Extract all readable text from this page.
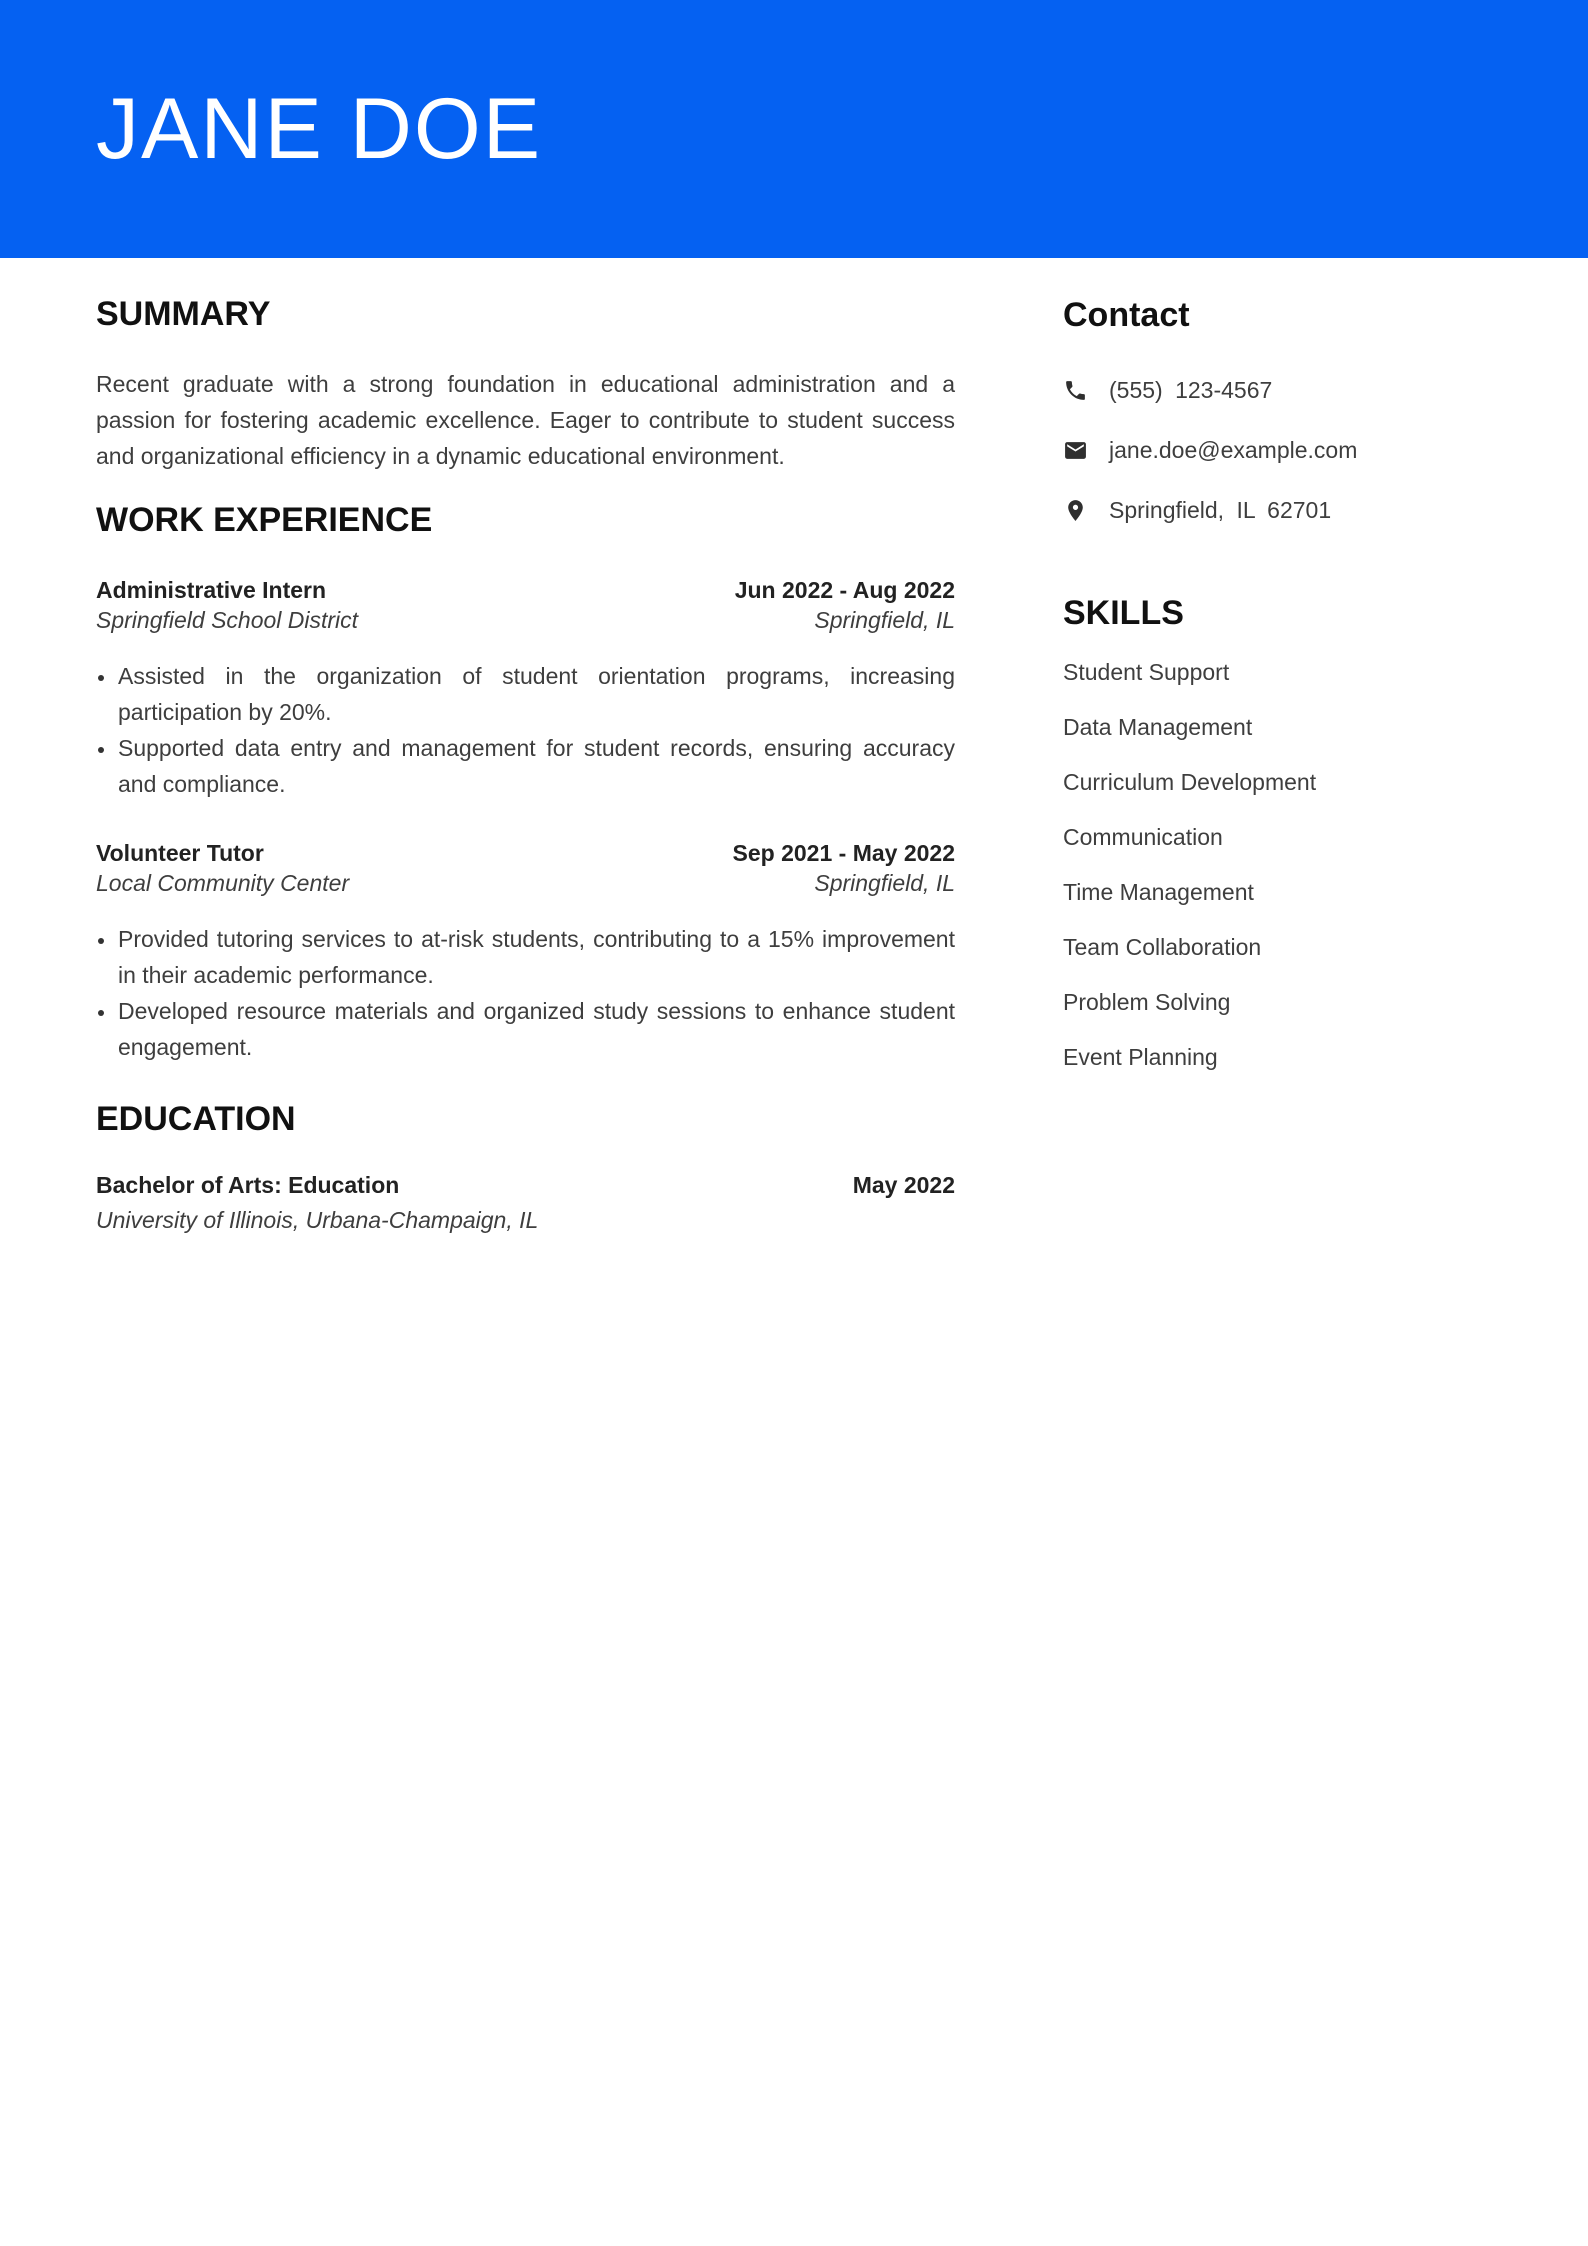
JANE DOE
SUMMARY

Recent graduate with a strong foundation in educational administration and a passion for fostering academic excellence. Eager to contribute to student success and organizational efficiency in a dynamic educational environment.

WORK EXPERIENCE
Administrative Intern	Jun 2022 - Aug 2022
Springfield School District	Springfield, IL
• Assisted in the organization of student orientation programs, increasing participation by 20%.
• Supported data entry and management for student records, ensuring accuracy and compliance.
Volunteer Tutor	Sep 2021 - May 2022
Local Community Center	Springfield, IL
• Provided tutoring services to at-risk students, contributing to a 15% improvement in their academic performance.
• Developed resource materials and organized study sessions to enhance student engagement.
EDUCATION
Bachelor of Arts: Education	May 2022
University of Illinois, Urbana-Champaign, IL
Contact
(555) 123-4567
jane.doe@example.com
Springfield, IL 62701
SKILLS
Student Support
Data Management
Curriculum Development
Communication
Time Management
Team Collaboration
Problem Solving
Event Planning
